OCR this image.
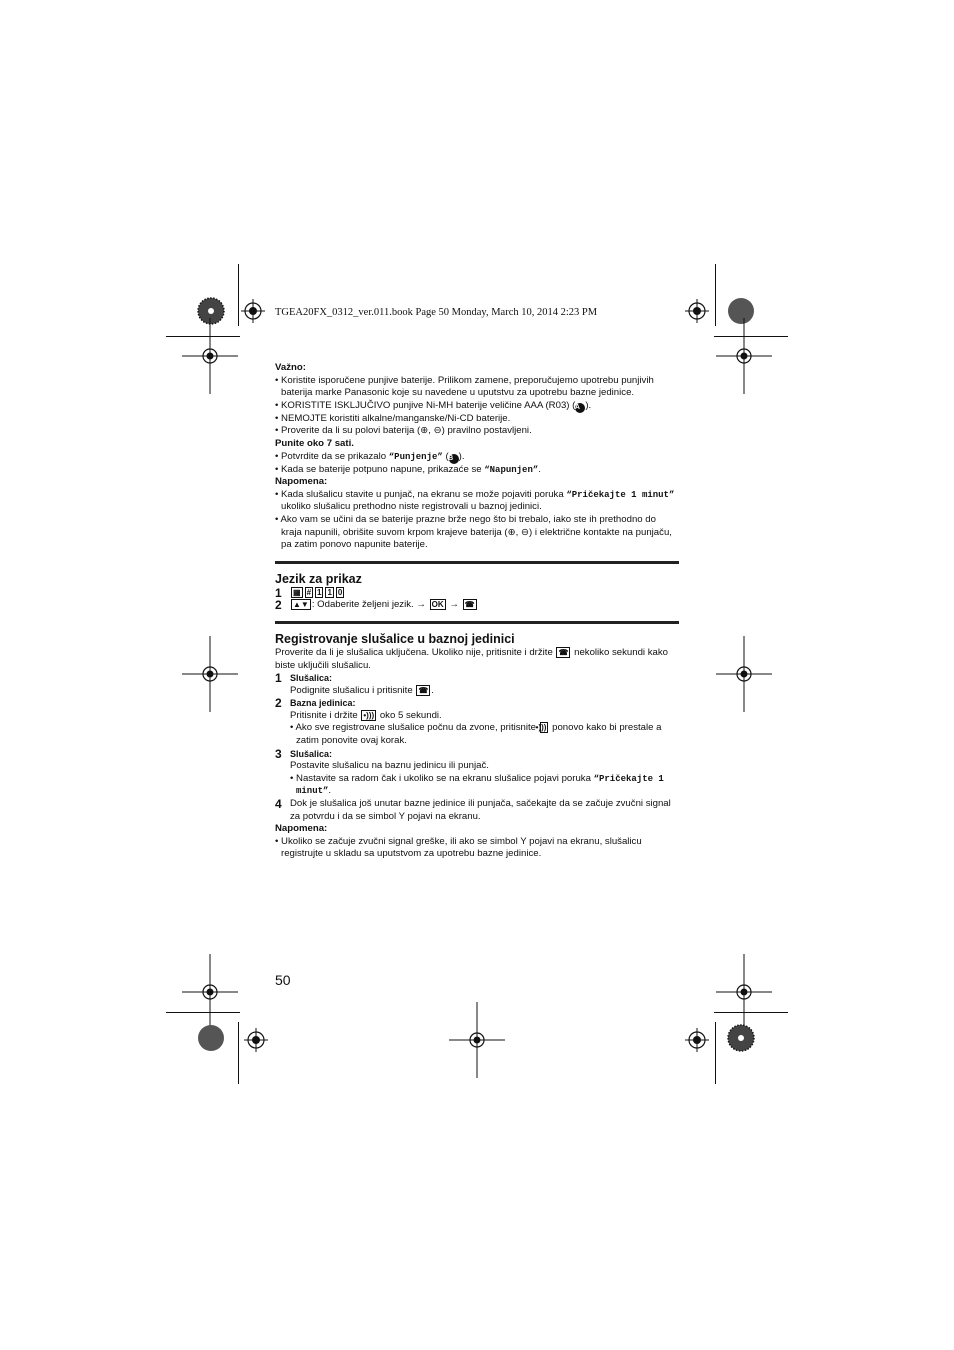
TGEA20FX_0312_ver.011.book Page 50 Monday, March 10, 2014 2:23 PM

Važno:

• Koristite isporučene punjive baterije. Prilikom zamene, preporučujemo upotrebu punjivih baterija marke Panasonic koje su navedene u uputstvu za upotrebu bazne jedinice.

• KORISTITE ISKLJUČIVO punjive Ni-MH baterije veličine AAA (R03) (A ).

• NEMOJTE koristiti alkalne/manganske/Ni-CD baterije.

• Proverite da li su polovi baterija (⊕, ⊖) pravilno postavljeni.

Punite oko 7 sati.

• Potvrdite da se prikazalo “Punjenje” (B ).

• Kada se baterije potpuno napune, prikazaće se “Napunjen”.

Napomena:

• Kada slušalicu stavite u punjač, na ekranu se može pojaviti poruka “Pričekajte 1 minut” ukoliko slušalicu prethodno niste registrovali u baznoj jedinici.

• Ako vam se učini da se baterije prazne brže nego što bi trebalo, iako ste ih prethodno do kraja napunili, obrišite suvom krpom krajeve baterija (⊕, ⊖) i električne kontakte na punjaču, pa zatim ponovo napunite baterije.

Jezik za prikaz

1	▦ # 1 1 0
2	▲▼ : Odaberite željeni jezik. → OK → ☎

Registrovanje slušalice u baznoj jedinici

Proverite da li je slušalica uključena. Ukoliko nije, pritisnite i držite ☎ nekoliko sekundi kako biste uključili slušalicu.

1 Slušalica:

Podignite slušalicu i pritisnite ☎ .

2 Bazna jedinica:

Pritisnite i držite •))) oko 5 sekundi.

• Ako sve registrovane slušalice počnu da zvone, pritisnite •))) ponovo kako bi prestale a zatim ponovite ovaj korak.

3 Slušalica:

Postavite slušalicu na baznu jedinicu ili punjač.

• Nastavite sa radom čak i ukoliko se na ekranu slušalice pojavi poruka “Pričekajte 1 minut”.

4 Dok je slušalica još unutar bazne jedinice ili punjača, sačekajte da se začuje zvučni signal za potvrdu i da se simbol Y pojavi na ekranu.

Napomena:

• Ukoliko se začuje zvučni signal greške, ili ako se simbol Y pojavi na ekranu, slušalicu registrujte u skladu sa uputstvom za upotrebu bazne jedinice.

50
